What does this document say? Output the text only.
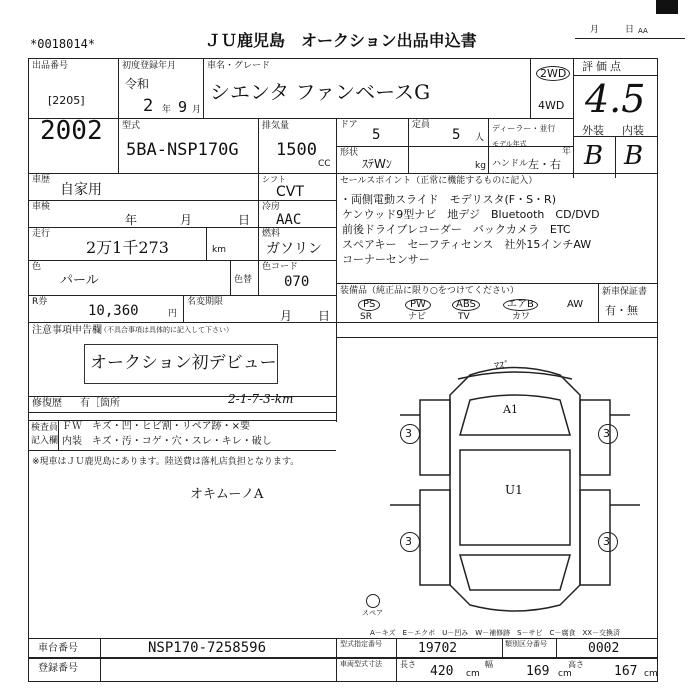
*0018014*	ＪＵ鹿児島　オークション出品申込書
月	日 AA
出品番号
[2205]
2002
初度登録年月
令和
2 年 9 月
車名・グレード
シエンタ ファンベースG
2WD
4WD
評価点
4.5
外装 内装
B B
型式
5BA-NSP170G
排気量
1500
CC
ドア
5
定員
5 人
形状
ｽﾃWﾝ	kg
ディーラー・並行
モデル年式
年
ハンドル 左・右
車歴
自家用
車検
年	月	日
走行
2万1千273	km
色
パール	色替
R券
10,360	円
名変期限
月 日
シフト
CVT
冷房
AAC
燃料
ガソリン
色コード
070
セールスポイント（正常に機能するものに記入）
・両側電動スライド　モデリスタ(F・S・R)
ケンウッド9型ナビ　地デジ　Bluetooth　CD/DVD
前後ドライブレコーダー　バックカメラ　ETC
スペアキー　セーフティセンス　社外15インチAW
コーナーセンサー
装備品（純正品に限り○をつけてください）
PS	PW	ABS	エアB	AW
SR	ナビ	TV	カワ
新車保証書
有・無
注意事項申告欄
（不具合事項は具体的に記入して下さい）
オークション初デビュー
修復歴 有［箇所	2-1-7-3-km
検査員
記入欄
ＦＷ　キズ・凹・ヒビ割・リペア跡・×要
内装　キズ・汚・コゲ・穴・スレ・キレ・破し
※現車はＪＵ鹿児島にあります。陸送費は落札店負担となります。
オキムーノA
ﾏｽﾞ
A1
U1
3	3
3	3
スペア
A－キズ　E－エクボ　U－凹み　W－補修跡　S－サビ　C－腐食　XX－交換済
車台番号	NSP170-7258596
登録番号
型式指定番号	19702	類別区分番号	0002
車両型式寸法 長さ 420 cm
幅	169 cm
高さ 167 cm
